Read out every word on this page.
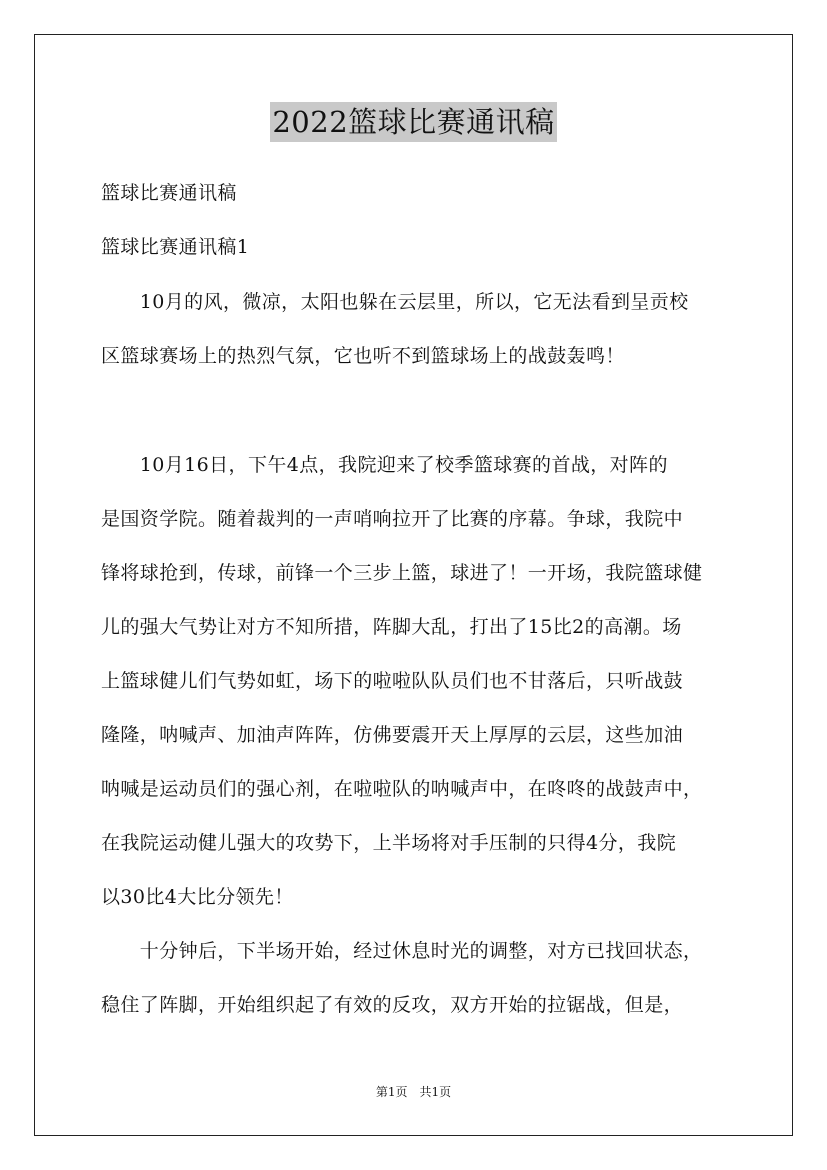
2022篮球比赛通讯稿
篮球比赛通讯稿
篮球比赛通讯稿1
　　10月的风，微凉，太阳也躲在云层里，所以，它无法看到呈贡校
区篮球赛场上的热烈气氛，它也听不到篮球场上的战鼓轰鸣！
　　10月16日，下午4点，我院迎来了校季篮球赛的首战，对阵的
是国资学院。随着裁判的一声哨响拉开了比赛的序幕。争球，我院中
锋将球抢到，传球，前锋一个三步上篮，球进了！一开场，我院篮球健
儿的强大气势让对方不知所措，阵脚大乱，打出了15比2的高潮。场
上篮球健儿们气势如虹，场下的啦啦队队员们也不甘落后，只听战鼓
隆隆，呐喊声、加油声阵阵，仿佛要震开天上厚厚的云层，这些加油
呐喊是运动员们的强心剂，在啦啦队的呐喊声中，在咚咚的战鼓声中，
在我院运动健儿强大的攻势下，上半场将对手压制的只得4分，我院
以30比4大比分领先！
　　十分钟后，下半场开始，经过休息时光的调整，对方已找回状态，
稳住了阵脚，开始组织起了有效的反攻，双方开始的拉锯战，但是，
第1页　共1页
